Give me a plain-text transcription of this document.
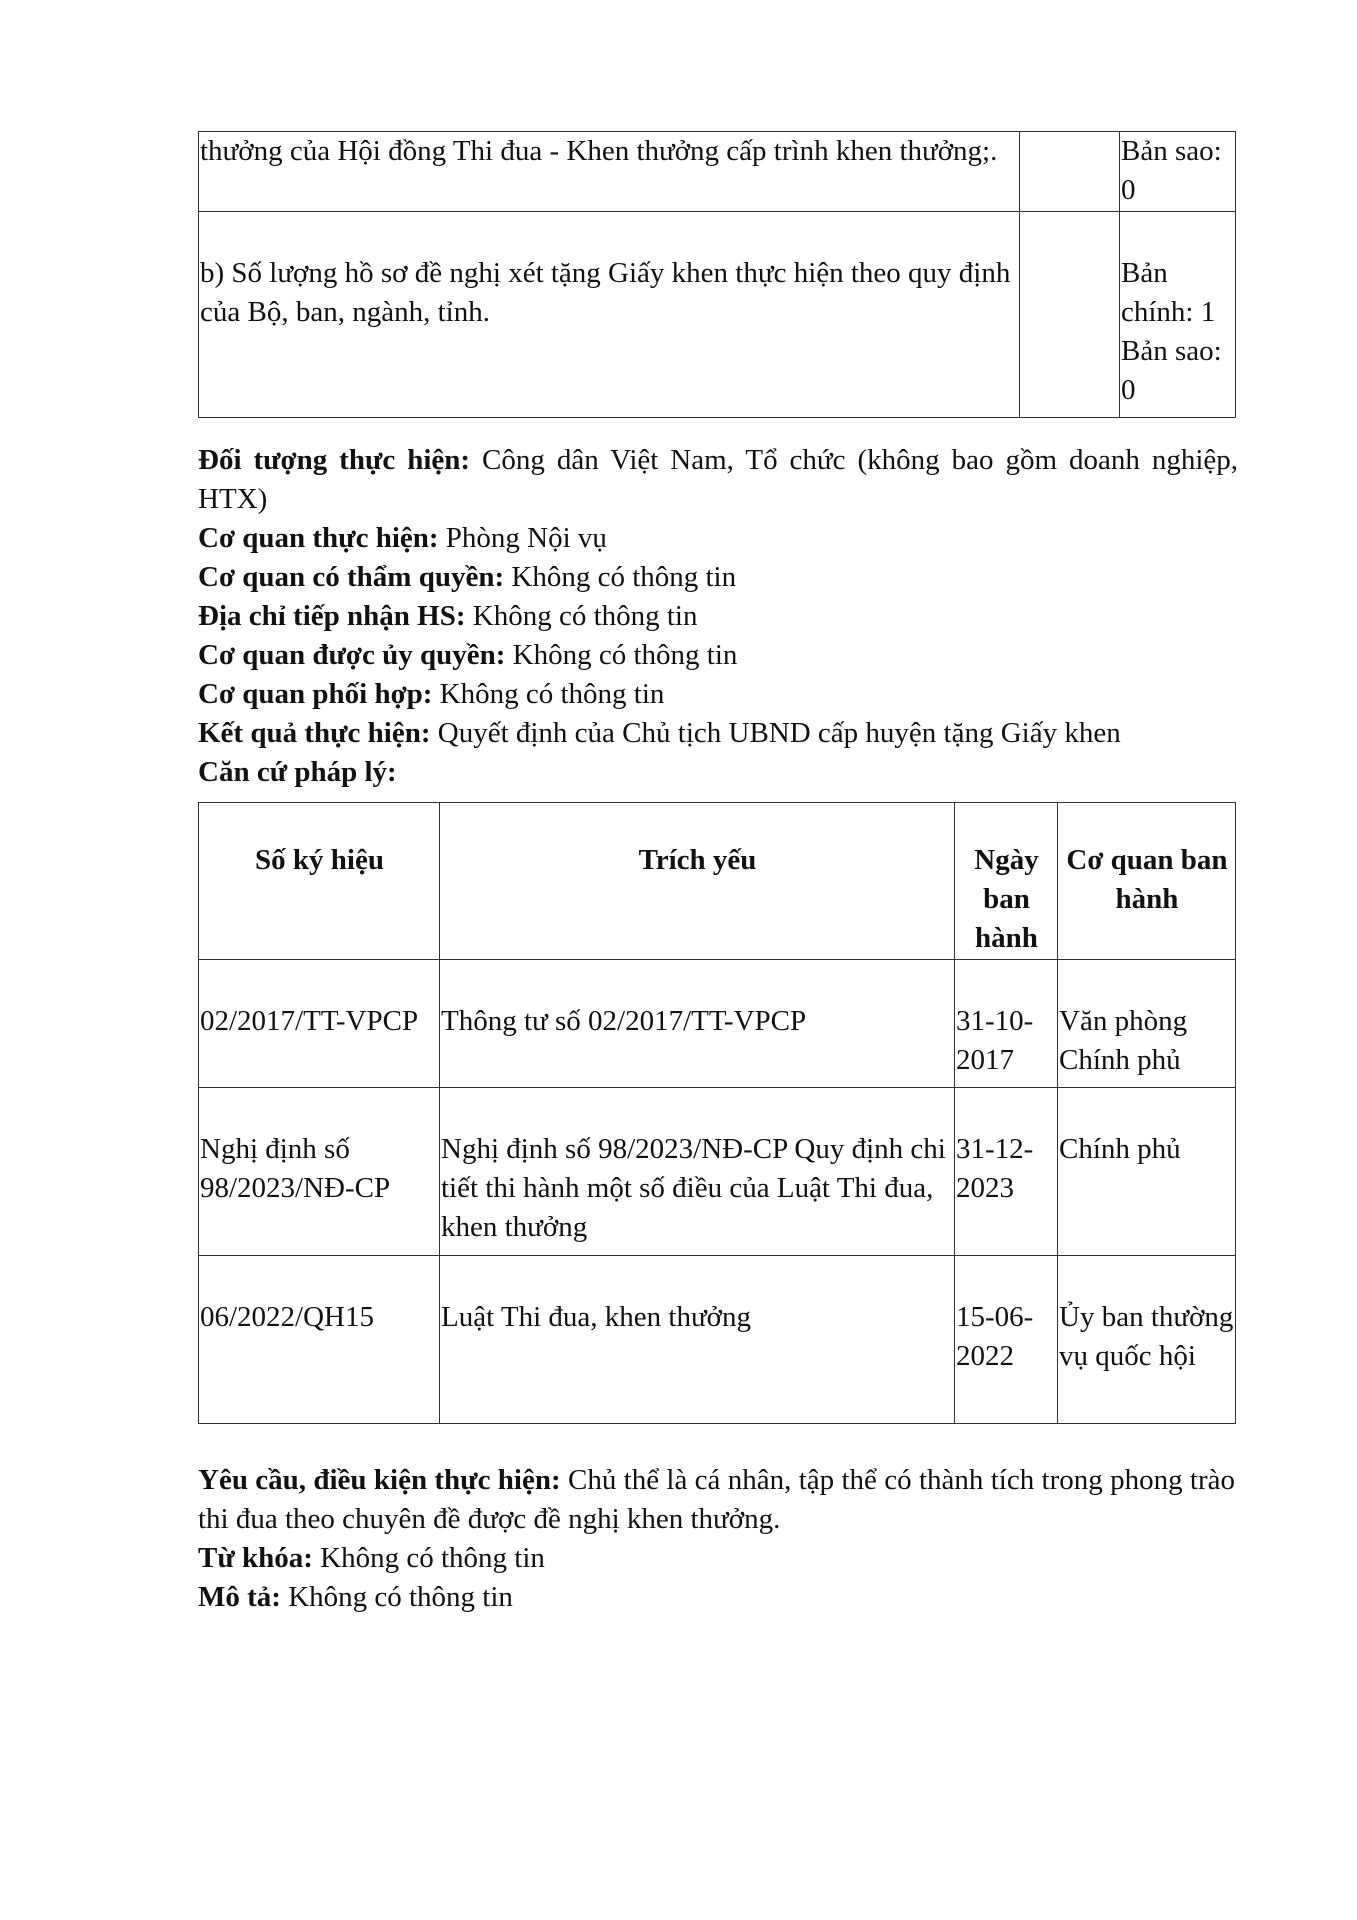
thưởng của Hội đồng Thi đua - Khen thưởng cấp trình khen thưởng;.		Bản sao: 0
b) Số lượng hồ sơ đề nghị xét tặng Giấy khen thực hiện theo quy định của Bộ, ban, ngành, tỉnh.		Bản chính: 1 Bản sao: 0

Đối tượng thực hiện: Công dân Việt Nam, Tổ chức (không bao gồm doanh nghiệp, HTX)

Cơ quan thực hiện: Phòng Nội vụ

Cơ quan có thẩm quyền: Không có thông tin

Địa chỉ tiếp nhận HS: Không có thông tin

Cơ quan được ủy quyền: Không có thông tin

Cơ quan phối hợp: Không có thông tin

Kết quả thực hiện: Quyết định của Chủ tịch UBND cấp huyện tặng Giấy khen

Căn cứ pháp lý:

Số ký hiệu	Trích yếu	Ngày ban hành	Cơ quan ban hành
02/2017/TT-VPCP	Thông tư số 02/2017/TT-VPCP	31-10-2017	Văn phòng Chính phủ
Nghị định số 98/2023/NĐ-CP	Nghị định số 98/2023/NĐ-CP Quy định chi tiết thi hành một số điều của Luật Thi đua, khen thưởng	31-12-2023	Chính phủ
06/2022/QH15	Luật Thi đua, khen thưởng	15-06-2022	Ủy ban thường vụ quốc hội

Yêu cầu, điều kiện thực hiện: Chủ thể là cá nhân, tập thể có thành tích trong phong trào thi đua theo chuyên đề được đề nghị khen thưởng.

Từ khóa: Không có thông tin

Mô tả: Không có thông tin
